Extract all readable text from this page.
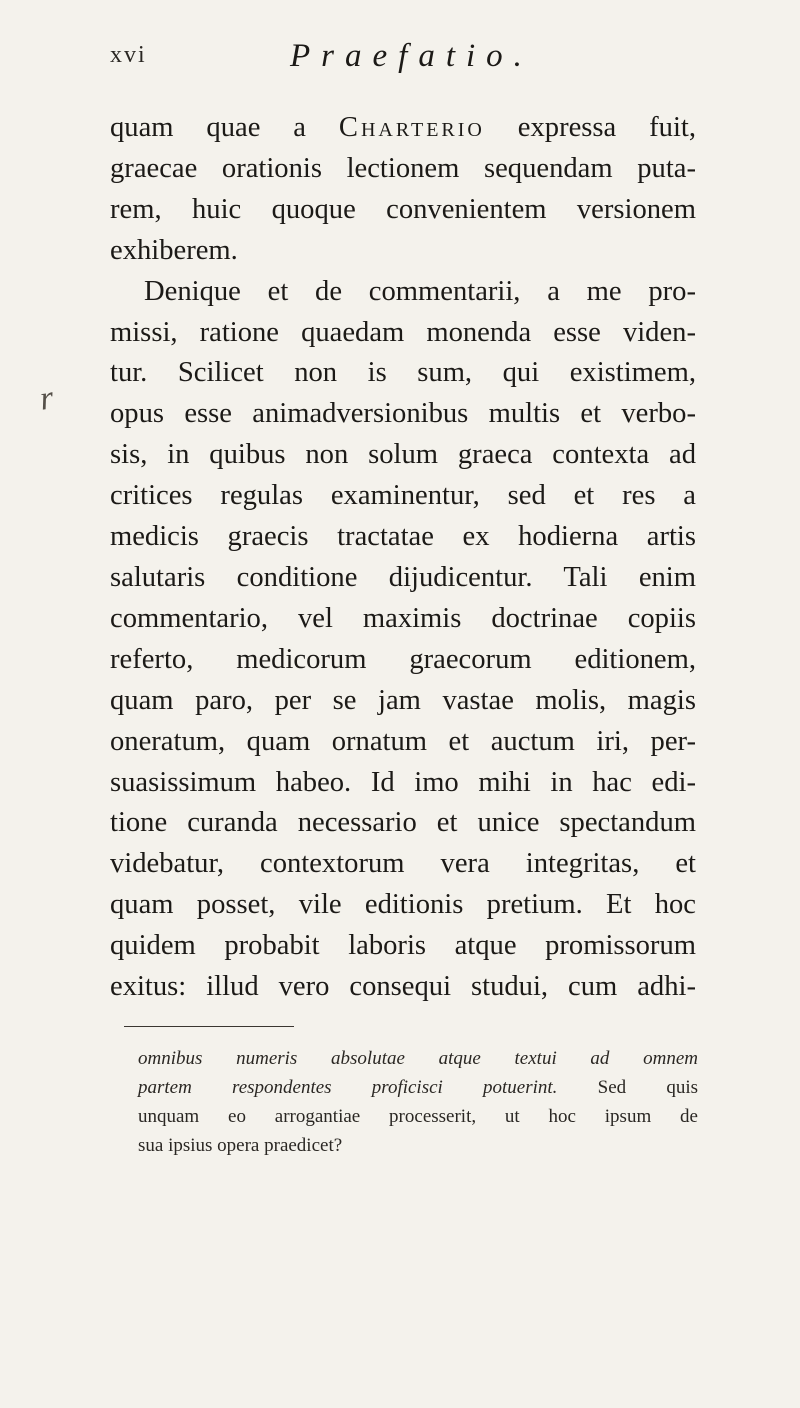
xvi	Praefatio.
r
quam quae a Charterio expressa fuit,
graecae orationis lectionem sequendam puta-
rem, huic quoque convenientem versionem
exhiberem.
Denique et de commentarii, a me pro-
missi, ratione quaedam monenda esse viden-
tur. Scilicet non is sum, qui existimem,
opus esse animadversionibus multis et verbo-
sis, in quibus non solum graeca contexta ad
critices regulas examinentur, sed et res a
medicis graecis tractatae ex hodierna artis
salutaris conditione dijudicentur. Tali enim
commentario, vel maximis doctrinae copiis
referto, medicorum graecorum editionem,
quam paro, per se jam vastae molis, magis
oneratum, quam ornatum et auctum iri, per-
suasissimum habeo. Id imo mihi in hac edi-
tione curanda necessario et unice spectandum
videbatur, contextorum vera integritas, et
quam posset, vile editionis pretium. Et hoc
quidem probabit laboris atque promissorum
exitus: illud vero consequi studui, cum adhi-
omnibus numeris absolutae atque textui ad omnem
partem respondentes proficisci potuerint. Sed quis
unquam eo arrogantiae processerit, ut hoc ipsum de
sua ipsius opera praedicet?
